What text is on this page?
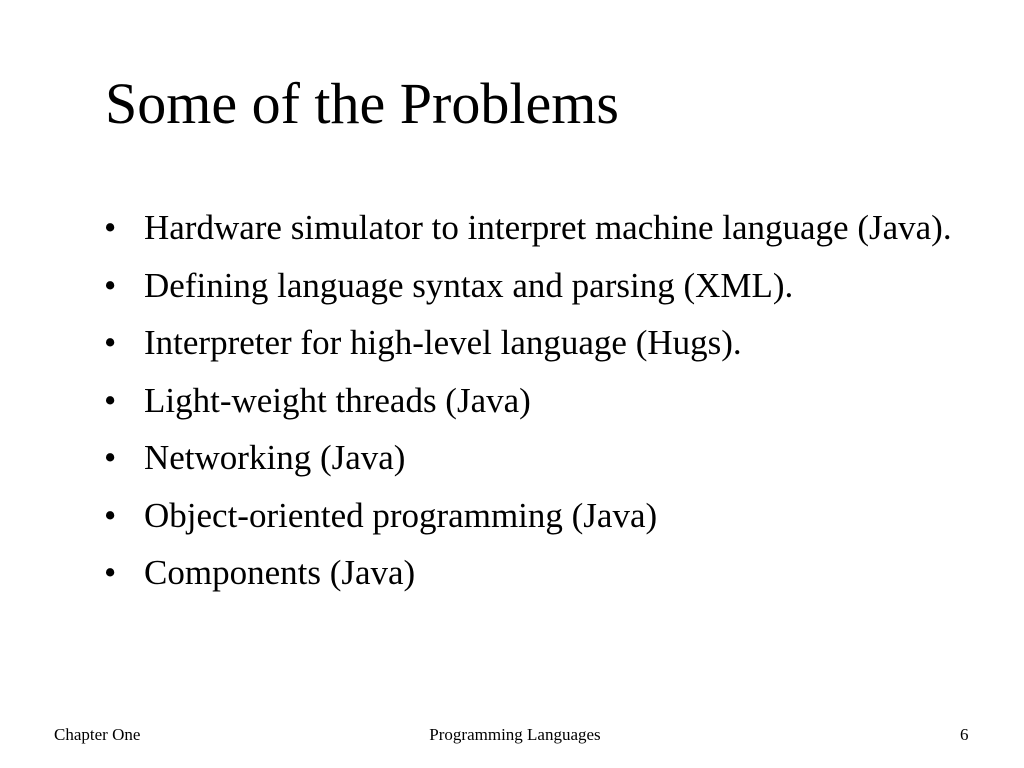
Some of the Problems
• Hardware simulator to interpret machine language (Java).
• Defining language syntax and parsing (XML).
• Interpreter for high-level language (Hugs).
• Light-weight threads (Java)
• Networking (Java)
• Object-oriented programming (Java)
• Components (Java)
Chapter One	Programming Languages	6
